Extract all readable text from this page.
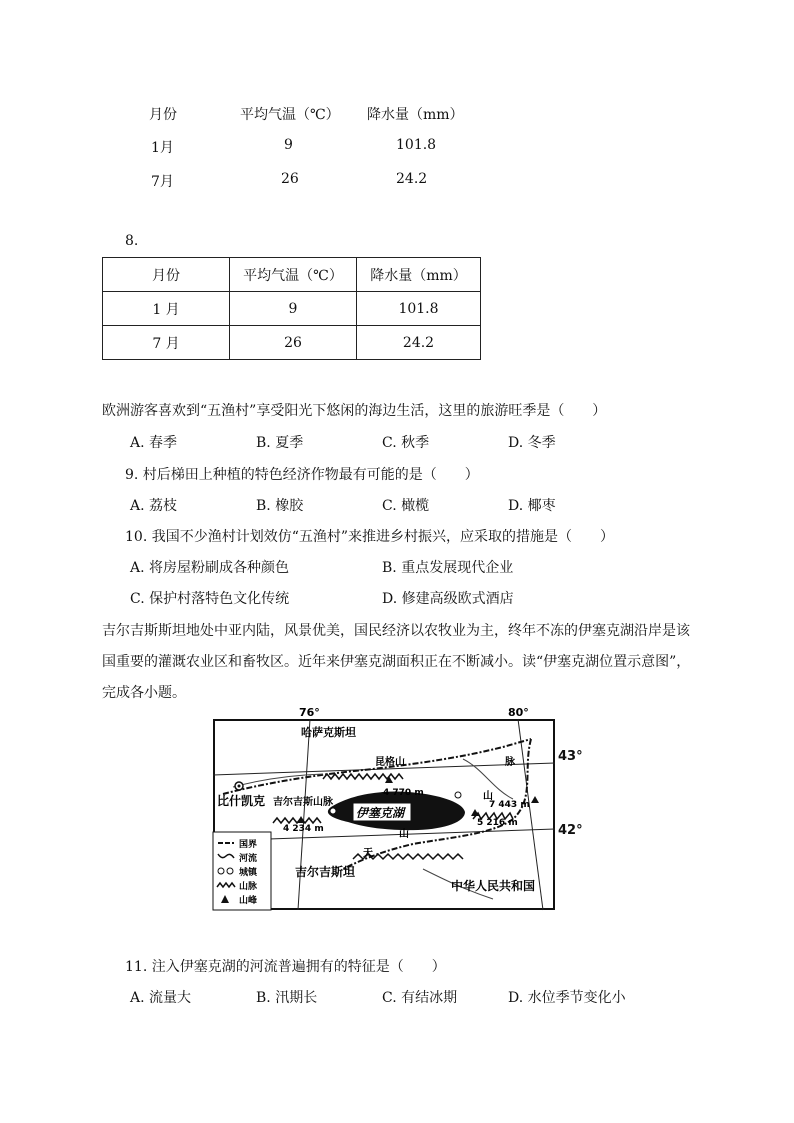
月份	平均气温（℃） 降水量（mm）
1月	9	101.8
7月	26	24.2
8.
月份	平均气温（℃）	降水量（mm）
1 月	9	101.8
7 月	26	24.2
欧洲游客喜欢到“五渔村”享受阳光下悠闲的海边生活，这里的旅游旺季是（　　）
A. 春季	B. 夏季	C. 秋季	D. 冬季
9. 村后梯田上种植的特色经济作物最有可能的是（　　）
A. 荔枝	B. 橡胶	C. 橄榄	D. 椰枣
10. 我国不少渔村计划效仿“五渔村”来推进乡村振兴，应采取的措施是（　　）
A. 将房屋粉刷成各种颜色	B. 重点发展现代企业
C. 保护村落特色文化传统	D. 修建高级欧式酒店
吉尔吉斯斯坦地处中亚内陆，风景优美，国民经济以农牧业为主，终年不冻的伊塞克湖沿岸是该
国重要的灌溉农业区和畜牧区。近年来伊塞克湖面积正在不断减小。读“伊塞克湖位置示意图”，
完成各小题。
76°	80°
哈萨克斯坦
昆格山
4 770 m
7 443 m
5 216 m
4 234 m
比什凯克 吉尔吉斯山脉
伊塞克湖
天
山
山
脉
吉尔吉斯坦
中华人民共和国
国界
河流
城镇
山脉
山峰
43°
42°
11. 注入伊塞克湖的河流普遍拥有的特征是（　　）
A. 流量大	B. 汛期长	C. 有结冰期	D. 水位季节变化小
